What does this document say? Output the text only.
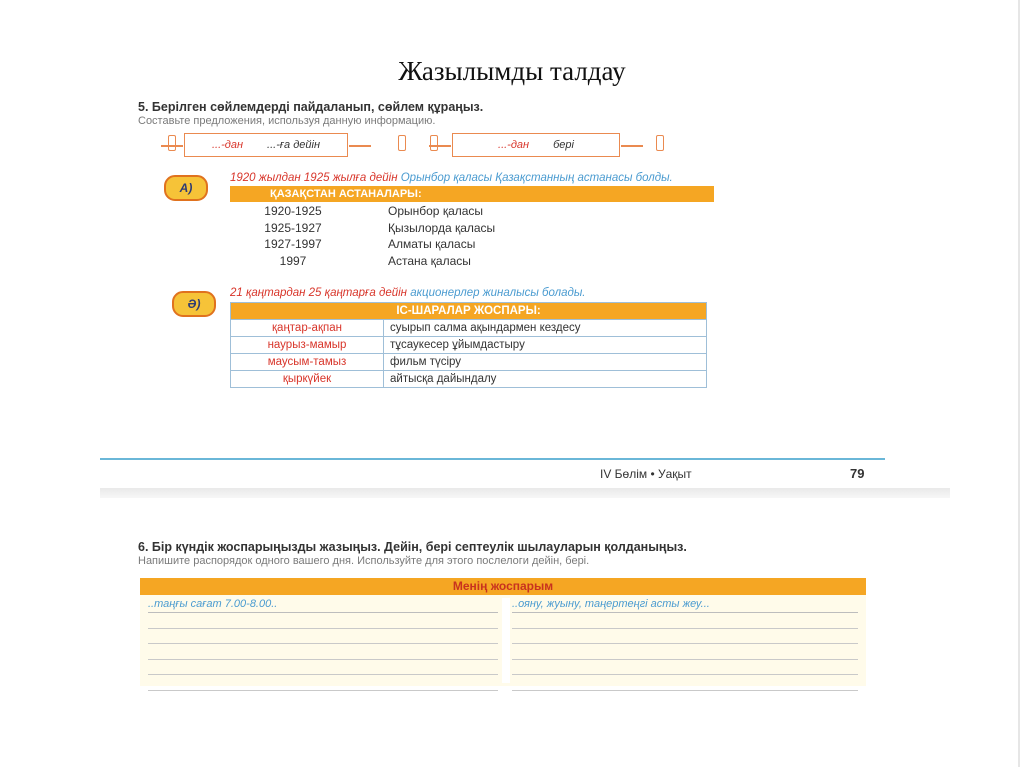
Жазылымды талдау
5. Берілген сөйлемдерді пайдаланып, сөйлем құраңыз.
Составьте предложения, используя данную информацию.
...-дан ...-ға дейін	...-дан бері
А)
1920 жылдан 1925 жылға дейін Орынбор қаласы Қазақстанның астанасы болды.
ҚАЗАҚСТАН АСТАНАЛАРЫ:
1920-1925	Орынбор қаласы
1925-1927	Қызылорда қаласы
1927-1997	Алматы қаласы
1997	Астана қаласы
Ә)
21 қаңтардан 25 қаңтарға дейін акционерлер жиналысы болады.
ІС-ШАРАЛАР ЖОСПАРЫ:	
қаңтар-ақпан	суырып салма ақындармен кездесу
наурыз-мамыр	тұсаукесер ұйымдастыру
маусым-тамыз	фильм түсіру
қыркүйек	айтысқа дайындалу
IV Бөлім • Уақыт	79
6. Бір күндік жоспарыңызды жазыңыз. Дейін, бері септеулік шылауларын қолданыңыз.
Напишите распорядок одного вашего дня. Используйте для этого послелоги дейін, бері.
Менің жоспарым
..таңғы сағат 7.00-8.00..	..оянy, жуыну, таңертеңгі асты жеу...
